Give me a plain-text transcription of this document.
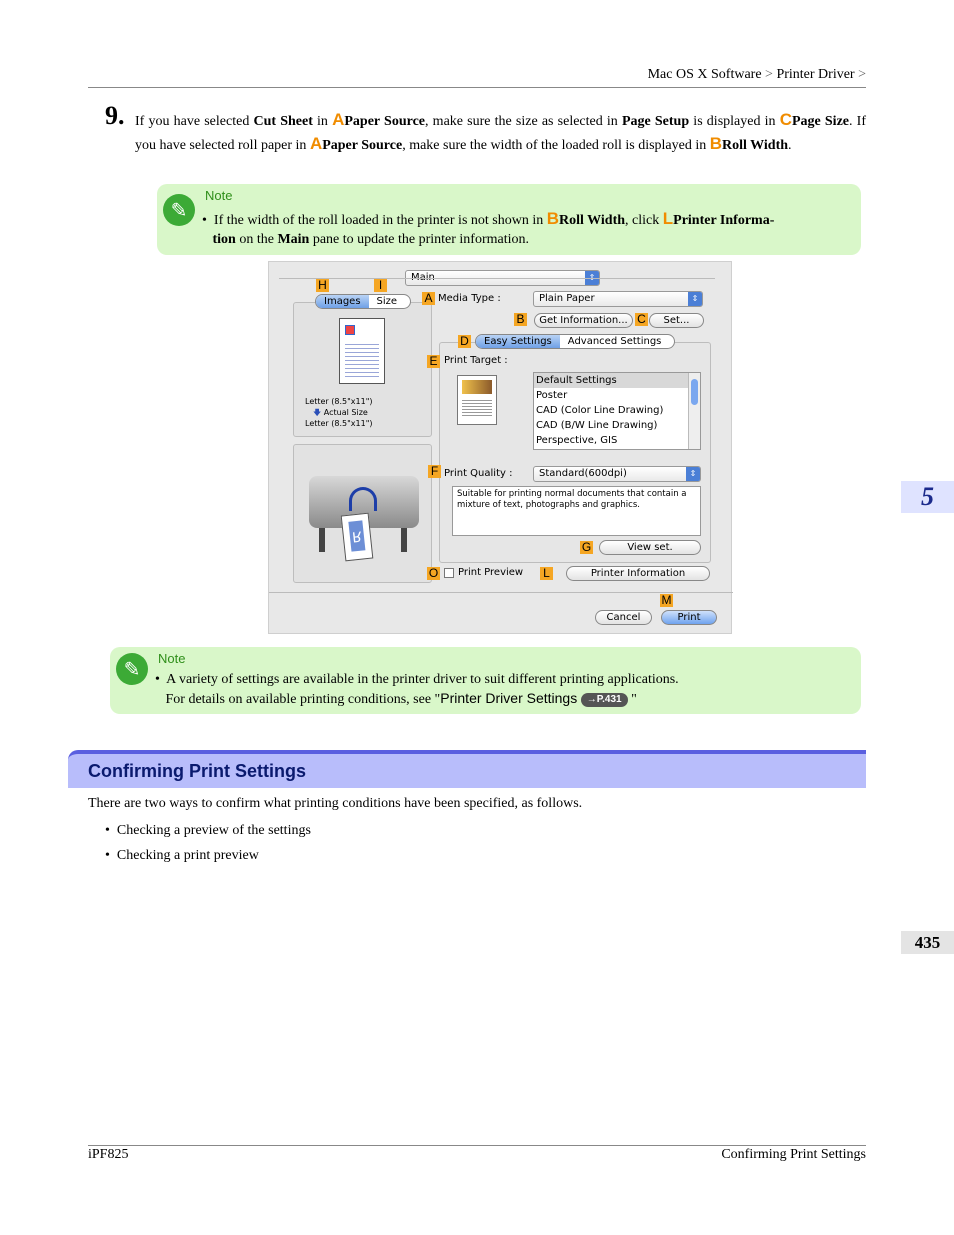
Mac OS X Software > Printer Driver >
5
435
9. If you have selected Cut Sheet in APaper Source, make sure the size as selected in Page Setup is displayed in CPage Size. If you have selected roll paper in APaper Source, make sure the width of the loaded roll is displayed in BRoll Width.
✎
Note
• If the width of the roll loaded in the printer is not shown in BRoll Width, click LPrinter Informa-
tion on the Main pane to update the printer information.
Images	Size
Letter (8.5"x11")
🡇 Actual Size
Letter (8.5"x11")
R
H	I
A Media Type :	Plain Paper	⇕
B	Get Information... C	Set...
D	Easy Settings	Advanced Settings
E Print Target :
Default Settings
Poster
CAD (Color Line Drawing)
CAD (B/W Line Drawing)
Perspective, GIS
F Print Quality :	Standard(600dpi)	⇕
Suitable for printing normal documents that contain a mixture of text, photographs and graphics.
G	View set.
O Print Preview L	Printer Information
M
Cancel	Print
✎	Note
• A variety of settings are available in the printer driver to suit different printing applications.
For details on available printing conditions, see "Printer Driver Settings →P.431 "
Confirming Print Settings
There are two ways to confirm what printing conditions have been specified, as follows.
• Checking a preview of the settings
• Checking a print preview
iPF825	Confirming Print Settings
